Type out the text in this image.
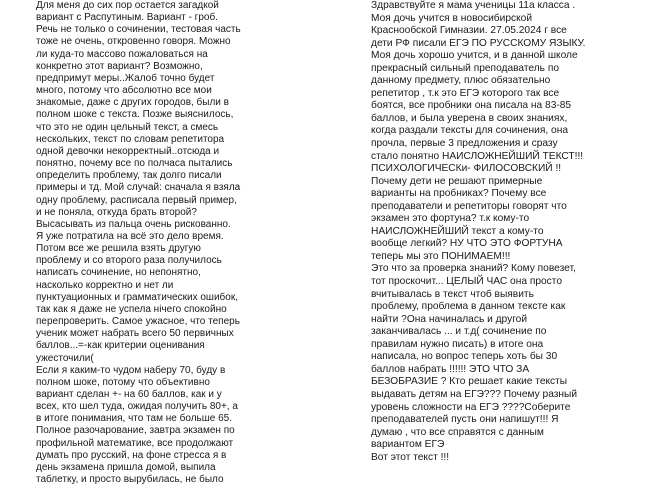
Для меня до сих пор остается загадкой
вариант с Распутиным. Вариант - гроб.
Речь не только о сочинении, тестовая часть
тоже не очень, откровенно говоря. Можно
ли куда-то массово пожаловаться на
конкретно этот вариант? Возможно,
предпримут меры..Жалоб точно будет
много, потому что абсолютно все мои
знакомые, даже с других городов, были в
полном шоке с текста. Позже выяснилось,
что это не один цельный текст, а смесь
нескольких, текст по словам репетитора
одной девочки некорректный..отсюда и
понятно, почему все по полчаса пытались
определить проблему, так долго писали
примеры и тд. Мой случай: сначала я взяла
одну проблему, расписала первый пример,
и не поняла, откуда брать второй?
Высасывать из пальца очень рискованно.
Я уже потратила на всё это дело время.
Потом все же решила взять другую
проблему и со второго раза получилось
написать сочинение, но непонятно,
насколько корректно и нет ли
пунктуационных и грамматических ошибок,
так как я даже не успела нічего спокойно
перепроверить. Самое ужасное, что теперь
ученик может набрать всего 50 первичных
баллов...=-как критерии оценивания
ужесточили(
Если я каким-то чудом наберу 70, буду в
полном шоке, потому что объективно
вариант сделан +- на 60 баллов, как и у
всех, кто шел туда, ожидая получить 80+, а
в итоге понимания, что там не больше 65.
Полное разочарование, завтра экзамен по
профильной математике, все продолжают
думать про русский, на фоне стресса я в
день экзамена пришла домой, выпила
таблетку, и просто вырубилась, не было
Здравствуйте я мама ученицы 11а класса .
Моя дочь учится в новосибирской
Краснообской Гимназии. 27.05.2024 г все
дети РФ писали ЕГЭ ПО РУССКОМУ ЯЗЫКУ.
Моя дочь хорошо учится, и в данной школе
прекрасный сильный преподаватель по
данному предмету, плюс обязательно
репетитор , т.к это ЕГЭ которого так все
боятся, все пробники она писала на 83-85
баллов, и была уверена в своих знаниях,
когда раздали тексты для сочинения, она
прочла, первые 3 предложения и сразу
стало понятно НАИСЛОЖНЕЙШИЙ ТЕКСТ!!!
ПСИХОЛОГИЧЕСКи- ФИЛОСОВСКИЙ !!
Почему дети не решают примерные
варианты на пробниках? Почему все
преподаватели и репетиторы говорят что
экзамен это фортуна? т.к кому-то
НАИСЛОЖНЕЙШИЙ текст а кому-то
вообще легкий? НУ ЧТО ЭТО ФОРТУНА
теперь мы это ПОНИМАЕМ!!!
Это что за проверка знаний? Кому повезет,
тот проскочит... ЦЕЛЫЙ ЧАС она просто
вчитывалась в текст чтоб выявить
проблему, проблема в данном тексте как
найти ?Она начиналась и другой
заканчивалась ... и т.д( сочинение по
правилам нужно писать) в итоге она
написала, но вопрос теперь хоть бы 30
баллов набрать !!!!!! ЭТО ЧТО ЗА
БЕЗОБРАЗИЕ ? Кто решает какие тексты
выдавать детям на ЕГЭ??? Почему разный
уровень сложности на ЕГЭ ????Соберите
преподавателей пусть они напишут!!! Я
думаю , что все справятся с данным
вариантом ЕГЭ
Вот этот текст !!!
